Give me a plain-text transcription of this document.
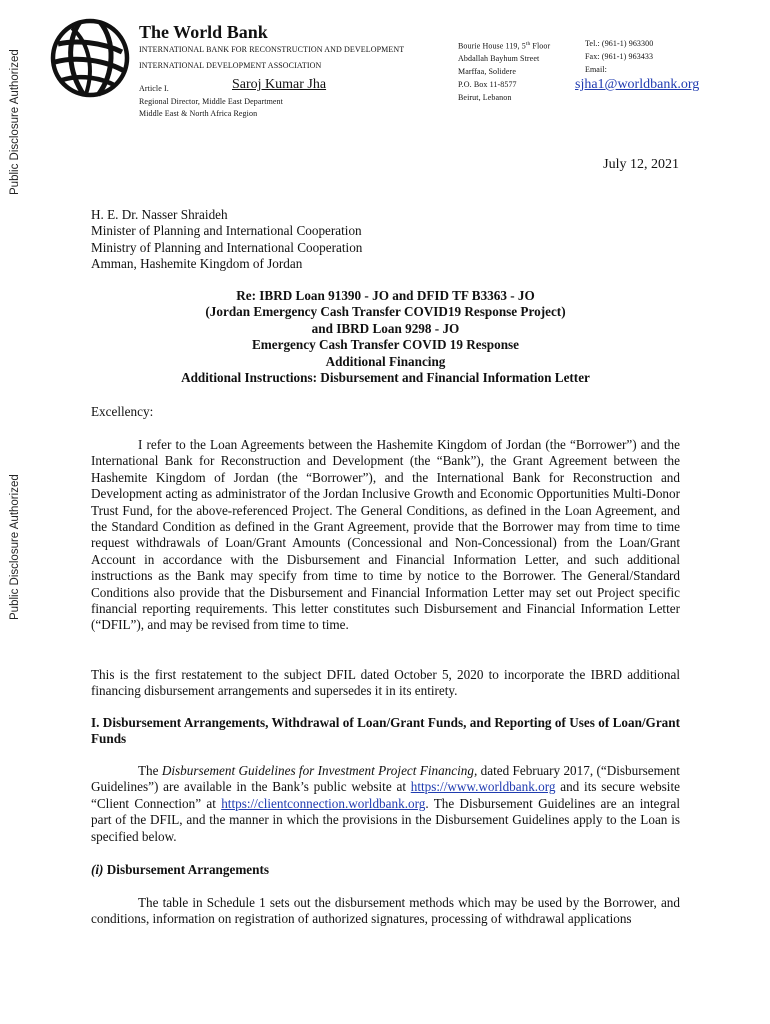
Public Disclosure Authorized
Public Disclosure Authorized
The World Bank
INTERNATIONAL BANK FOR RECONSTRUCTION AND DEVELOPMENT
INTERNATIONAL DEVELOPMENT ASSOCIATION
Article I.	Saroj Kumar Jha
Regional Director, Middle East Department
Middle East & North Africa Region
Bourie House 119, 5th Floor
Abdallah Bayhum Street
Marffaa, Solidere
P.O. Box 11-8577
Beirut, Lebanon
Tel.: (961-1) 963300
Fax: (961-1) 963433
Email:
sjha1@worldbank.org
July 12, 2021
H. E. Dr. Nasser Shraideh
Minister of Planning and International Cooperation
Ministry of Planning and International Cooperation
Amman, Hashemite Kingdom of Jordan
Re: IBRD Loan 91390 - JO and DFID TF B3363 - JO
(Jordan Emergency Cash Transfer COVID19 Response Project)
and IBRD Loan 9298 - JO
Emergency Cash Transfer COVID 19 Response
Additional Financing
Additional Instructions: Disbursement and Financial Information Letter
Excellency:

I refer to the Loan Agreements between the Hashemite Kingdom of Jordan (the “Borrower”) and the International Bank for Reconstruction and Development (the “Bank”), the Grant Agreement between the Hashemite Kingdom of Jordan (the “Borrower”), and the International Bank for Reconstruction and Development acting as administrator of the Jordan Inclusive Growth and Economic Opportunities Multi-Donor Trust Fund, for the above-referenced Project. The General Conditions, as defined in the Loan Agreement, and the Standard Condition as defined in the Grant Agreement, provide that the Borrower may from time to time request withdrawals of Loan/Grant Amounts (Concessional and Non-Concessional) from the Loan/Grant Account in accordance with the Disbursement and Financial Information Letter, and such additional instructions as the Bank may specify from time to time by notice to the Borrower. The General/Standard Conditions also provide that the Disbursement and Financial Information Letter may set out Project specific financial reporting requirements. This letter constitutes such Disbursement and Financial Information Letter (“DFIL”), and may be revised from time to time.

This is the first restatement to the subject DFIL dated October 5, 2020 to incorporate the IBRD additional financing disbursement arrangements and supersedes it in its entirety.

I. Disbursement Arrangements, Withdrawal of Loan/Grant Funds, and Reporting of Uses of Loan/Grant Funds

The Disbursement Guidelines for Investment Project Financing, dated February 2017, (“Disbursement Guidelines”) are available in the Bank’s public website at https://www.worldbank.org and its secure website “Client Connection” at https://clientconnection.worldbank.org. The Disbursement Guidelines are an integral part of the DFIL, and the manner in which the provisions in the Disbursement Guidelines apply to the Loan is specified below.

(i) Disbursement Arrangements

The table in Schedule 1 sets out the disbursement methods which may be used by the Borrower, and conditions, information on registration of authorized signatures, processing of withdrawal applications
